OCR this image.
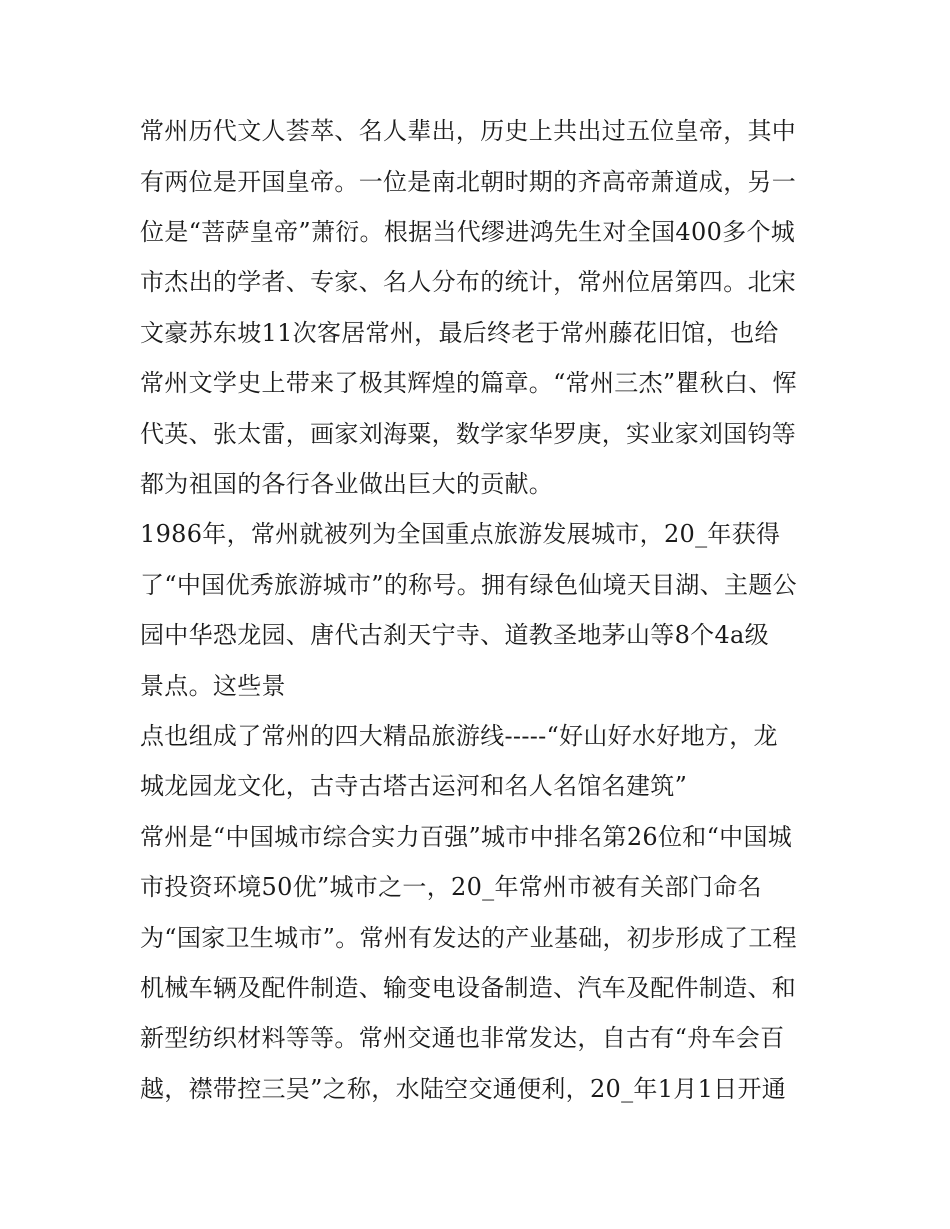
常州历代文人荟萃、名人辈出，历史上共出过五位皇帝，其中
有两位是开国皇帝。一位是南北朝时期的齐高帝萧道成，另一
位是“菩萨皇帝”萧衍。根据当代缪进鸿先生对全国400多个城
市杰出的学者、专家、名人分布的统计，常州位居第四。北宋
文豪苏东坡11次客居常州，最后终老于常州藤花旧馆，也给
常州文学史上带来了极其辉煌的篇章。“常州三杰”瞿秋白、恽
代英、张太雷，画家刘海粟，数学家华罗庚，实业家刘国钧等
都为祖国的各行各业做出巨大的贡献。
1986年，常州就被列为全国重点旅游发展城市，20_年获得
了“中国优秀旅游城市”的称号。拥有绿色仙境天目湖、主题公
园中华恐龙园、唐代古刹天宁寺、道教圣地茅山等8个4a级
景点。这些景
点也组成了常州的四大精品旅游线-----“好山好水好地方，龙
城龙园龙文化，古寺古塔古运河和名人名馆名建筑”
常州是“中国城市综合实力百强”城市中排名第26位和“中国城
市投资环境50优”城市之一，20_年常州市被有关部门命名
为“国家卫生城市”。常州有发达的产业基础，初步形成了工程
机械车辆及配件制造、输变电设备制造、汽车及配件制造、和
新型纺织材料等等。常州交通也非常发达，自古有“舟车会百
越，襟带控三吴”之称，水陆空交通便利，20_年1月1日开通
